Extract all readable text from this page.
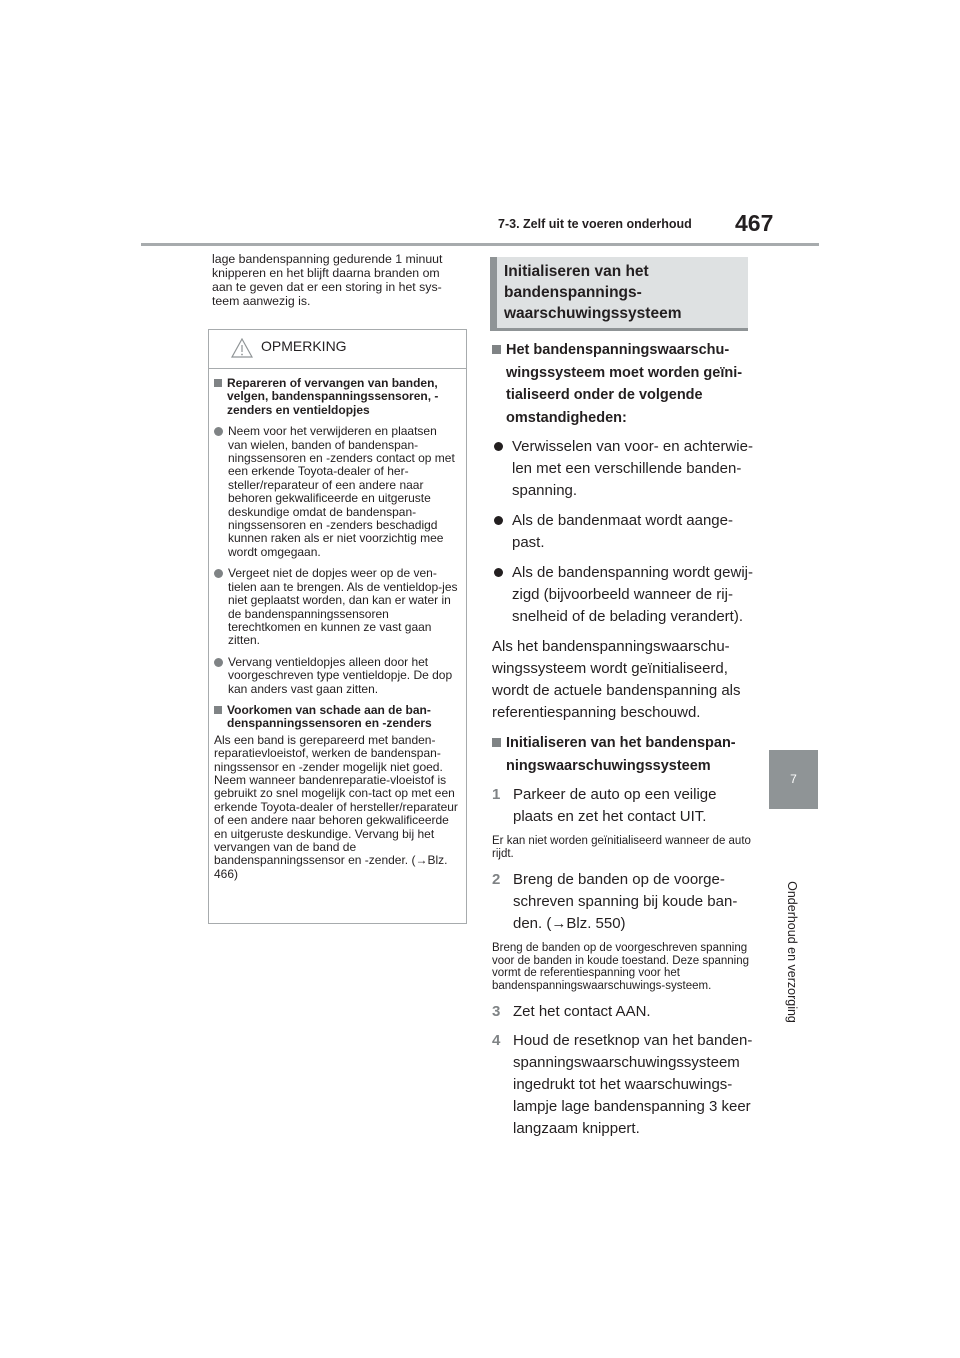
7-3. Zelf uit te voeren onderhoud 467
7
Onderhoud en verzorging
lage bandenspanning gedurende 1 minuut knipperen en het blijft daarna branden om aan te geven dat er een storing in het sys-teem aanwezig is.
OPMERKING
Repareren of vervangen van banden, velgen, bandenspanningssensoren, -zenders en ventieldopjes
Neem voor het verwijderen en plaatsen van wielen, banden of bandenspan-ningssensoren en -zenders contact op met een erkende Toyota-dealer of her-steller/reparateur of een andere naar behoren gekwalificeerde en uitgeruste deskundige omdat de bandenspan-ningssensoren en -zenders beschadigd kunnen raken als er niet voorzichtig mee wordt omgegaan.
Vergeet niet de dopjes weer op de ven-tielen aan te brengen. Als de ventieldop-jes niet geplaatst worden, dan kan er water in de bandenspanningssensoren terechtkomen en kunnen ze vast gaan zitten.
Vervang ventieldopjes alleen door het voorgeschreven type ventieldopje. De dop kan anders vast gaan zitten.
Voorkomen van schade aan de ban-denspanningssensoren en -zenders

Als een band is gerepareerd met banden-reparatievloeistof, werken de bandenspan-ningssensor en -zender mogelijk niet goed. Neem wanneer bandenreparatie-vloeistof is gebruikt zo snel mogelijk con-tact op met een erkende Toyota-dealer of hersteller/reparateur of een andere naar behoren gekwalificeerde en uitgeruste deskundige. Vervang bij het vervangen van de band de bandenspanningssensor en -zender. (→Blz. 466)

Initialiseren van het bandenspannings-waarschuwingssysteem
Het bandenspanningswaarschu-wingssysteem moet worden geïni-tialiseerd onder de volgende omstandigheden:
Verwisselen van voor- en achterwie-len met een verschillende banden-spanning.
Als de bandenmaat wordt aange-past.
Als de bandenspanning wordt gewij-zigd (bijvoorbeeld wanneer de rij-snelheid of de belading verandert).

Als het bandenspanningswaarschu-wingssysteem wordt geïnitialiseerd, wordt de actuele bandenspanning als referentiespanning beschouwd.

Initialiseren van het bandenspan-ningswaarschuwingssysteem
1 Parkeer de auto op een veilige plaats en zet het contact UIT.

Er kan niet worden geïnitialiseerd wanneer de auto rijdt.

2 Breng de banden op de voorge-schreven spanning bij koude ban-den. (→Blz. 550)

Breng de banden op de voorgeschreven spanning voor de banden in koude toestand. Deze spanning vormt de referentiespanning voor het bandenspanningswaarschuwings-systeem.

3 Zet het contact AAN.
4 Houd de resetknop van het banden-spanningswaarschuwingssysteem ingedrukt tot het waarschuwings-lampje lage bandenspanning 3 keer langzaam knippert.
